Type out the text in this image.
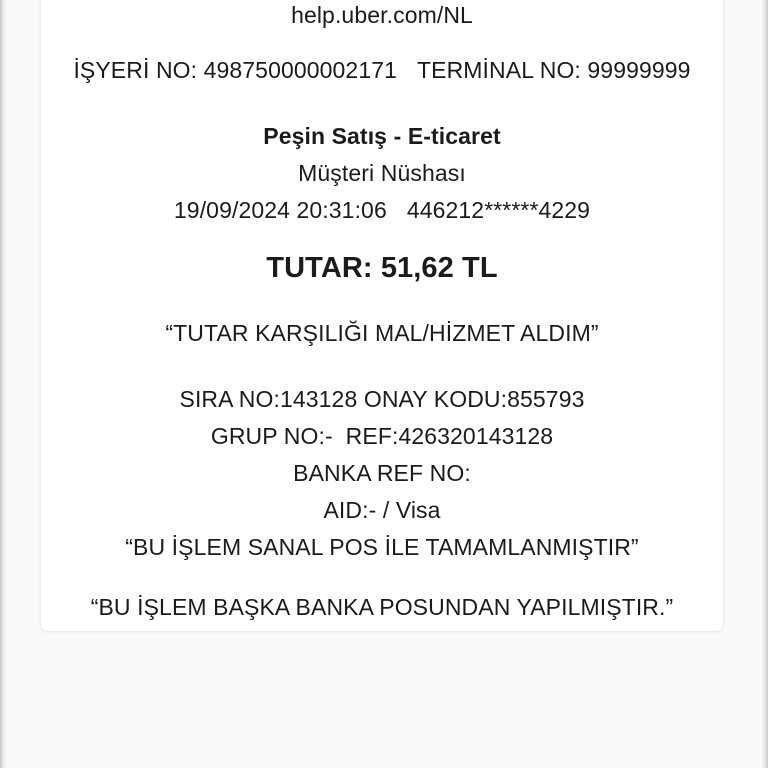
help.uber.com/NL
İŞYERİ NO: 498750000002171 TERMİNAL NO: 99999999
Peşin Satış - E-ticaret
Müşteri Nüshası
19/09/2024 20:31:06 446212******4229
TUTAR: 51,62 TL
“TUTAR KARŞILIĞI MAL/HİZMET ALDIM”
SIRA NO:143128 ONAY KODU:855793
GRUP NO:-  REF:426320143128
BANKA REF NO:
AID:- / Visa
“BU İŞLEM SANAL POS İLE TAMAMLANMIŞTIR”
“BU İŞLEM BAŞKA BANKA POSUNDAN YAPILMIŞTIR.”
